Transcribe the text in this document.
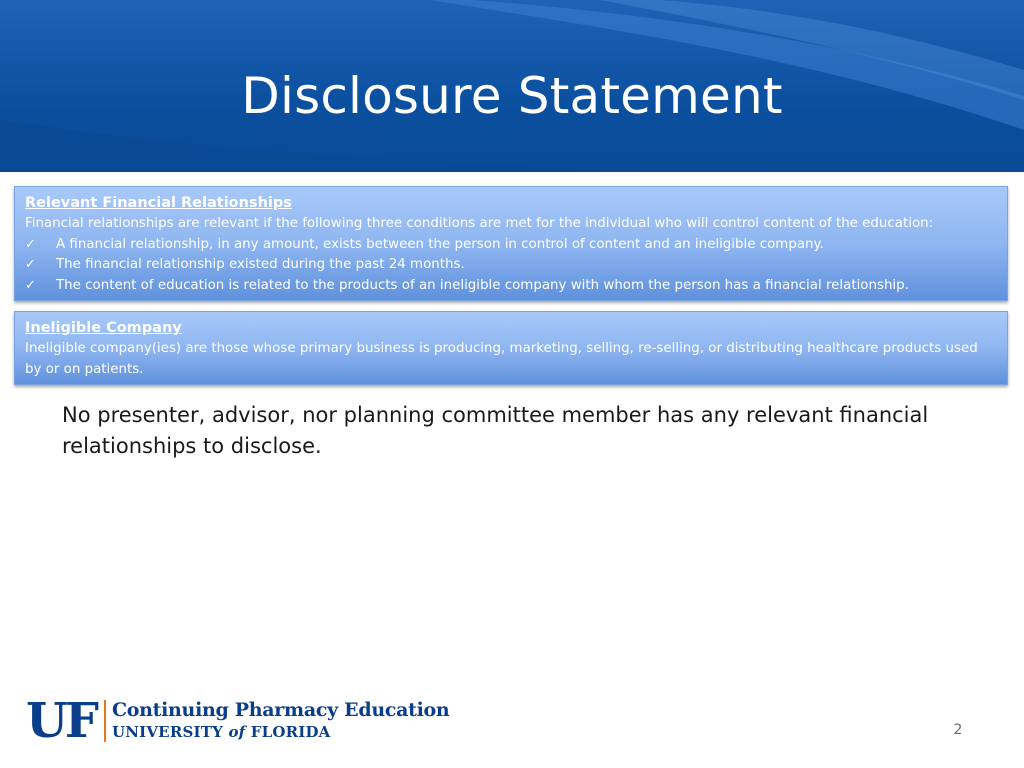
Disclosure Statement
Relevant Financial Relationships
Financial relationships are relevant if the following three conditions are met for the individual who will control content of the education:
✓	A financial relationship, in any amount, exists between the person in control of content and an ineligible company.
✓	The financial relationship existed during the past 24 months.
✓	The content of education is related to the products of an ineligible company with whom the person has a financial relationship.
Ineligible Company
Ineligible company(ies) are those whose primary business is producing, marketing, selling, re-selling, or distributing healthcare products used by or on patients.
No presenter, advisor, nor planning committee member has any relevant financial relationships to disclose.
UF Continuing Pharmacy Education
UNIVERSITY of FLORIDA	2
